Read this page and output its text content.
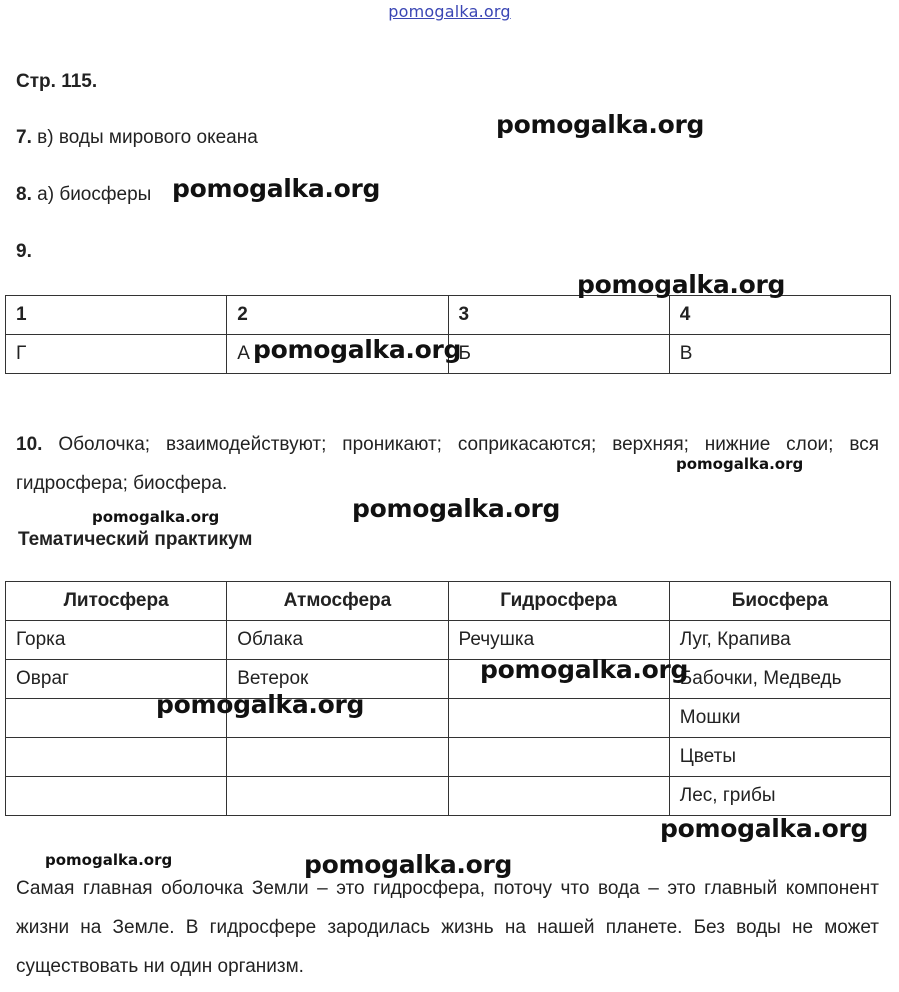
pomogalka.org
Стр. 115.
7. в) воды мирового океана
8. а) биосферы
9.
1	2	3	4
Г	А	Б	В
10. Оболочка; взаимодействуют; проникают; соприкасаются; верхняя; нижние слои; вся гидросфера; биосфера.
Тематический практикум
Литосфера	Атмосфера	Гидросфера	Биосфера
Горка	Облака	Речушка	Луг, Крапива
Овраг	Ветерок		Бабочки, Медведь
			Мошки
			Цветы
			Лес, грибы
Самая главная оболочка Земли – это гидросфера, поточу что вода – это главный компонент жизни на Земле. В гидросфере зародилась жизнь на нашей планете. Без воды не может существовать ни один организм.
pomogalka.org
pomogalka.org
pomogalka.org
pomogalka.org
pomogalka.org
pomogalka.org	pomogalka.org
pomogalka.org
pomogalka.org
pomogalka.org
pomogalka.org	pomogalka.org
